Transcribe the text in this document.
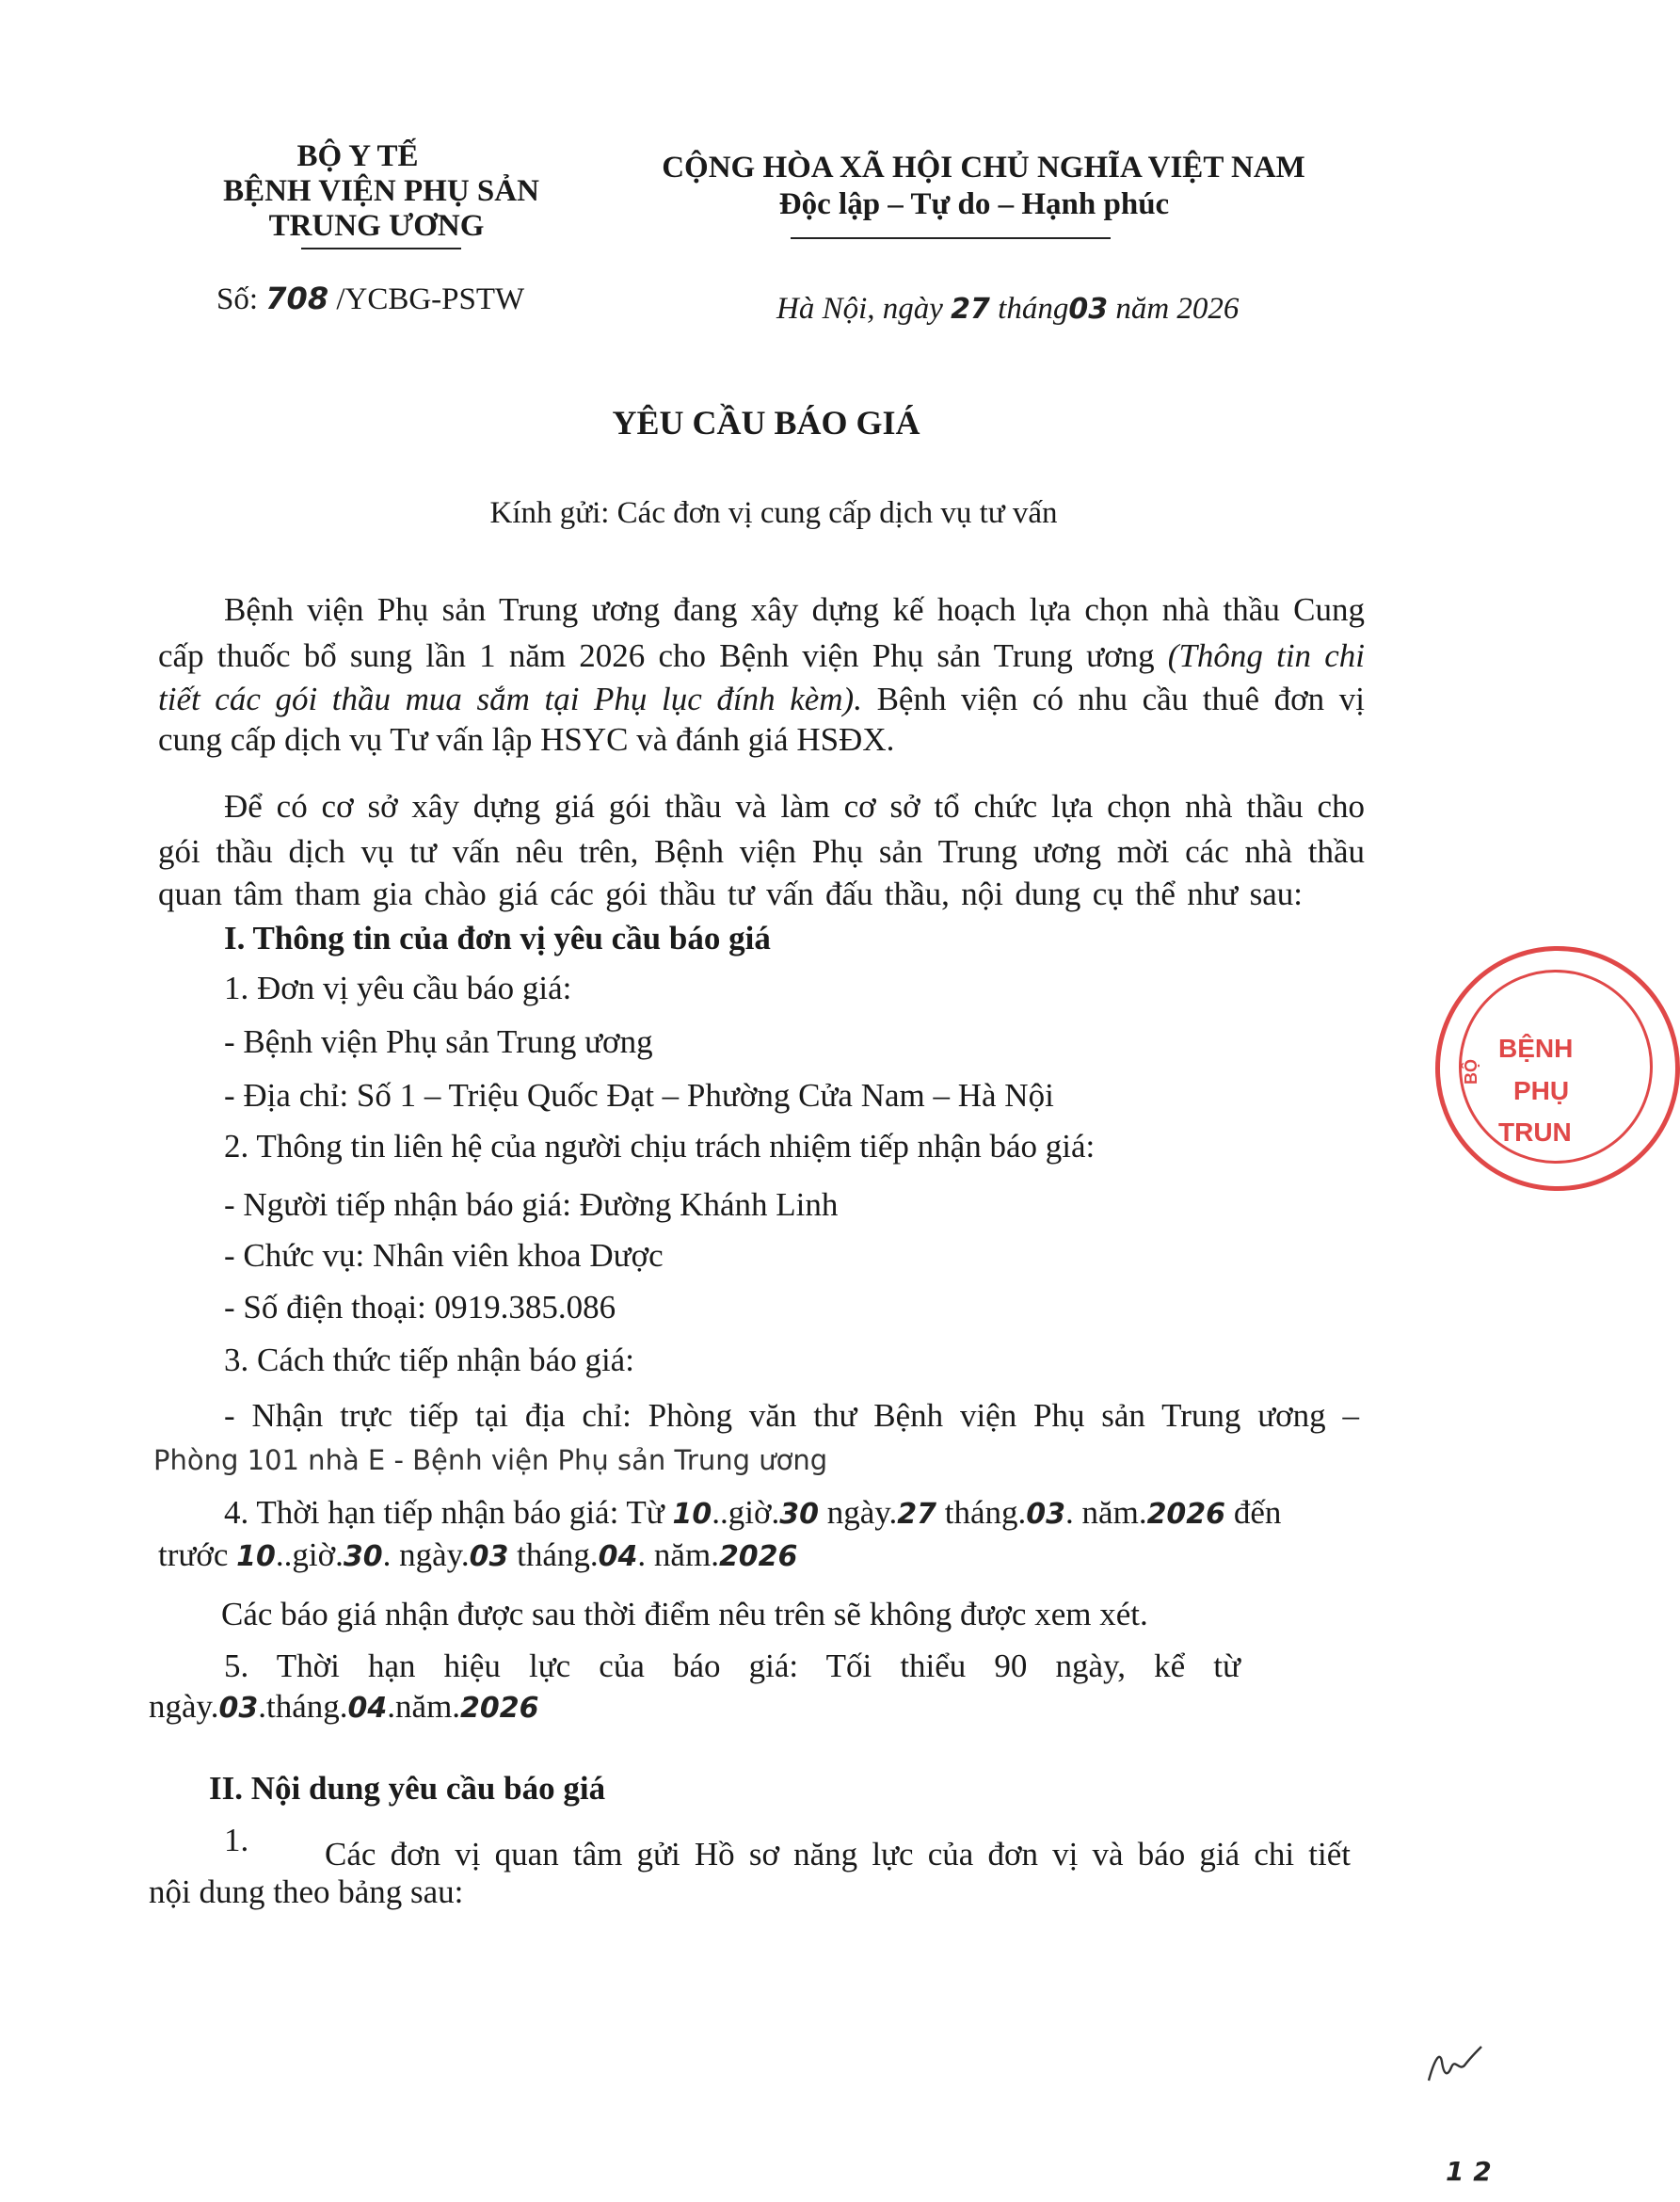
BỘ Y TẾ
BỆNH VIỆN PHỤ SẢN
TRUNG ƯƠNG
Số: 708 /YCBG-PSTW
CỘNG HÒA XÃ HỘI CHỦ NGHĨA VIỆT NAM
Độc lập – Tự do – Hạnh phúc
Hà Nội, ngày 27 tháng03 năm 2026
YÊU CẦU BÁO GIÁ
Kính gửi: Các đơn vị cung cấp dịch vụ tư vấn
Bệnh viện Phụ sản Trung ương đang xây dựng kế hoạch lựa chọn nhà thầu Cung
cấp thuốc bổ sung lần 1 năm 2026 cho Bệnh viện Phụ sản Trung ương (Thông tin chi
tiết các gói thầu mua sắm tại Phụ lục đính kèm). Bệnh viện có nhu cầu thuê đơn vị
cung cấp dịch vụ Tư vấn lập HSYC và đánh giá HSĐX.
Để có cơ sở xây dựng giá gói thầu và làm cơ sở tổ chức lựa chọn nhà thầu cho
gói thầu dịch vụ tư vấn nêu trên, Bệnh viện Phụ sản Trung ương mời các nhà thầu
quan tâm tham gia chào giá các gói thầu tư vấn đấu thầu, nội dung cụ thể như sau:
I. Thông tin của đơn vị yêu cầu báo giá
1. Đơn vị yêu cầu báo giá:
- Bệnh viện Phụ sản Trung ương
- Địa chỉ: Số 1 – Triệu Quốc Đạt – Phường Cửa Nam – Hà Nội
2. Thông tin liên hệ của người chịu trách nhiệm tiếp nhận báo giá:
- Người tiếp nhận báo giá: Đường Khánh Linh
- Chức vụ: Nhân viên khoa Dược
- Số điện thoại: 0919.385.086
3. Cách thức tiếp nhận báo giá:
- Nhận trực tiếp tại địa chỉ: Phòng văn thư Bệnh viện Phụ sản Trung ương –
Phòng 101 nhà E - Bệnh viện Phụ sản Trung ương
4. Thời hạn tiếp nhận báo giá: Từ 10..giờ.30 ngày.27 tháng.03. năm.2026 đến
trước 10..giờ.30. ngày.03 tháng.04. năm.2026
Các báo giá nhận được sau thời điểm nêu trên sẽ không được xem xét.
5. Thời hạn hiệu lực của báo giá: Tối thiểu 90 ngày, kể từ
ngày.03.tháng.04.năm.2026
II. Nội dung yêu cầu báo giá
1. Các đơn vị quan tâm gửi Hồ sơ năng lực của đơn vị và báo giá chi tiết
nội dung theo bảng sau:
BỆNH
PHỤ
TRUN
BỘ
1 2
